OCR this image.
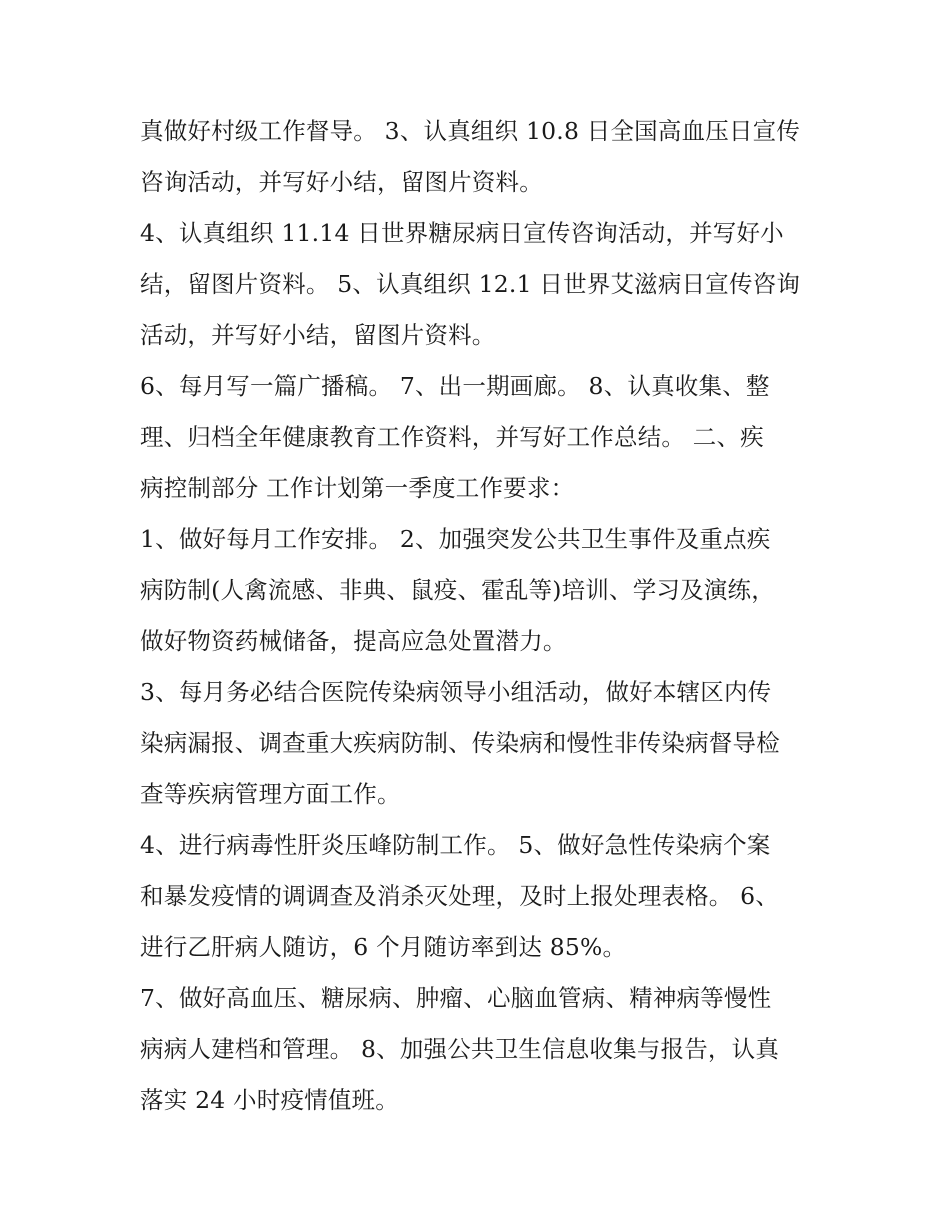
真做好村级工作督导。 3、认真组织 10.8 日全国高血压日宣传
咨询活动，并写好小结，留图片资料。
4、认真组织 11.14 日世界糖尿病日宣传咨询活动，并写好小
结，留图片资料。 5、认真组织 12.1 日世界艾滋病日宣传咨询
活动，并写好小结，留图片资料。
6、每月写一篇广播稿。 7、出一期画廊。 8、认真收集、整
理、归档全年健康教育工作资料，并写好工作总结。 二、疾
病控制部分 工作计划第一季度工作要求：
1、做好每月工作安排。 2、加强突发公共卫生事件及重点疾
病防制(人禽流感、非典、鼠疫、霍乱等)培训、学习及演练，
做好物资药械储备，提高应急处置潜力。
3、每月务必结合医院传染病领导小组活动，做好本辖区内传
染病漏报、调查重大疾病防制、传染病和慢性非传染病督导检
查等疾病管理方面工作。
4、进行病毒性肝炎压峰防制工作。 5、做好急性传染病个案
和暴发疫情的调调查及消杀灭处理，及时上报处理表格。 6、
进行乙肝病人随访，6 个月随访率到达 85%。
7、做好高血压、糖尿病、肿瘤、心脑血管病、精神病等慢性
病病人建档和管理。 8、加强公共卫生信息收集与报告，认真
落实 24 小时疫情值班。
